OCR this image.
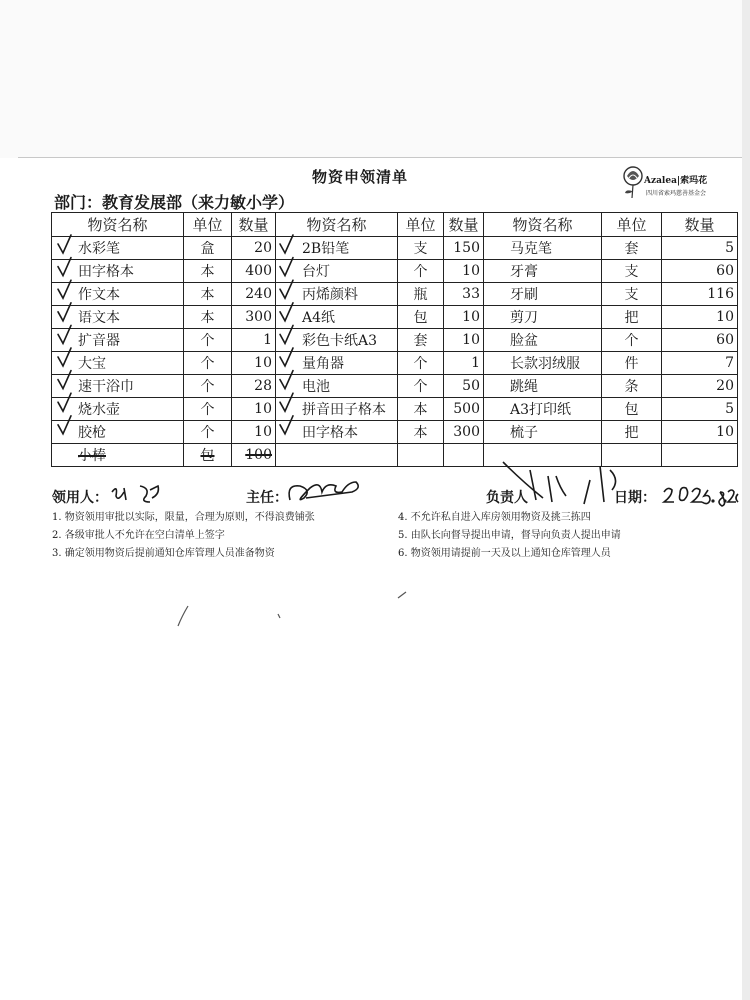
物资申领清单
部门：教育发展部（来力敏小学）
Azalea|索玛花
四川省索玛慈善基金会
物资名称	单位	数量	物资名称	单位	数量	物资名称	单位	数量
水彩笔	盒	20	2B铅笔	支	150	马克笔	套	5
田字格本	本	400	台灯	个	10	牙膏	支	60
作文本	本	240	丙烯颜料	瓶	33	牙刷	支	116
语文本	本	300	A4纸	包	10	剪刀	把	10
扩音器	个	1	彩色卡纸A3	套	10	脸盆	个	60
大宝	个	10	量角器	个	1	长款羽绒服	件	7
速干浴巾	个	28	电池	个	50	跳绳	条	20
烧水壶	个	10	拼音田子格本	本	500	A3打印纸	包	5
胶枪	个	10	田字格本	本	300	梳子	把	10
小棒	包	100						
领用人：	主任：	负责人	日期：
1. 物资领用审批以实际，限量，合理为原则，不得浪费铺张
2. 各级审批人不允许在空白清单上签字
3. 确定领用物资后提前通知仓库管理人员准备物资
4. 不允许私自进入库房领用物资及挑三拣四
5. 由队长向督导提出申请，督导向负责人提出申请
6. 物资领用请提前一天及以上通知仓库管理人员
